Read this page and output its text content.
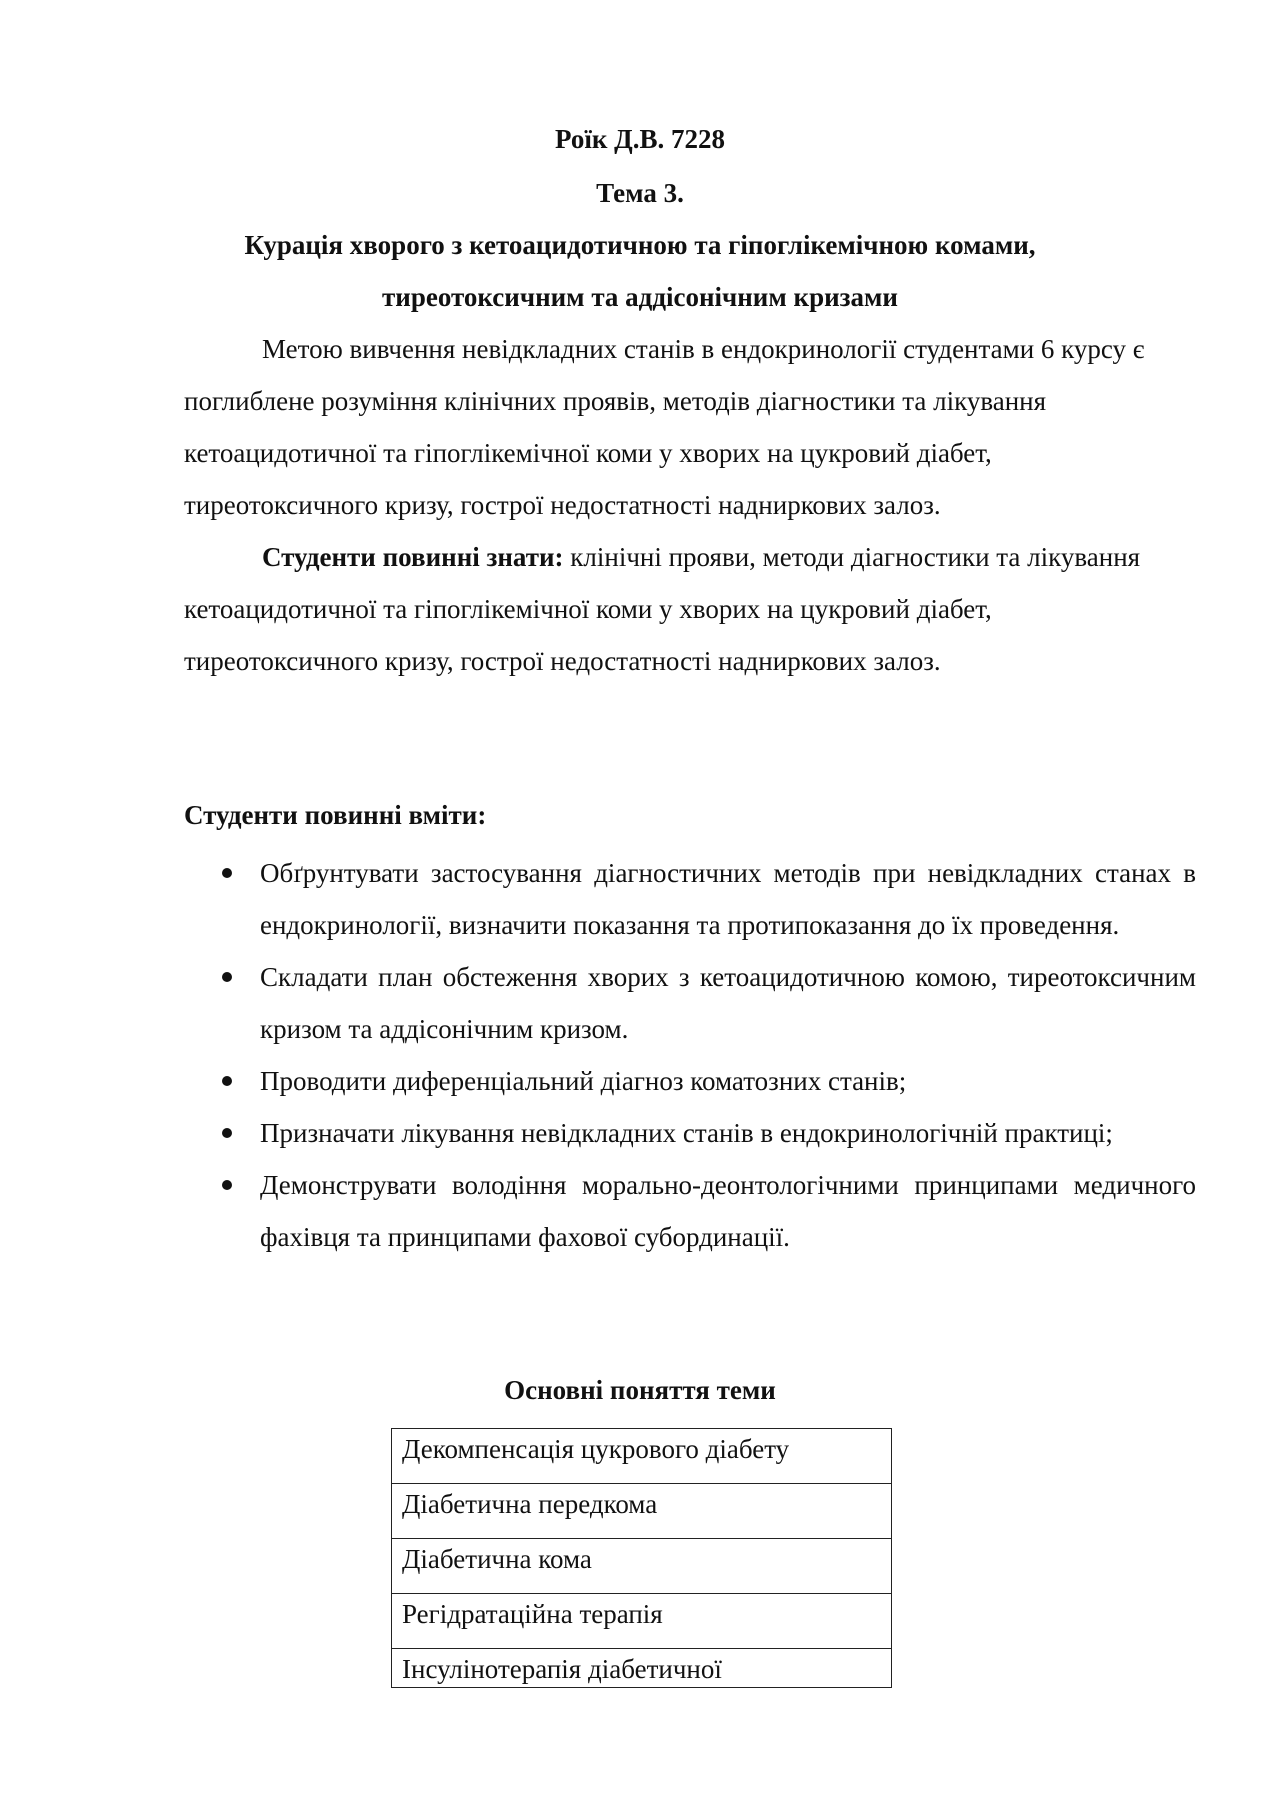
Роїк Д.В. 7228

Тема 3.

Курація хворого з кетоацидотичною та гіпоглікемічною комами,

тиреотоксичним та аддісонічним кризами

Метою вивчення невідкладних станів в ендокринології студентами 6 курсу є поглиблене розуміння клінічних проявів, методів діагностики та лікування кетоацидотичної та гіпоглікемічної коми у хворих на цукровий діабет, тиреотоксичного кризу, гострої недостатності надниркових залоз.

Студенти повинні знати: клінічні прояви, методи діагностики та лікування кетоацидотичної та гіпоглікемічної коми у хворих на цукровий діабет, тиреотоксичного кризу, гострої недостатності надниркових залоз.

Студенти повинні вміти:

Обґрунтувати застосування діагностичних методів при невідкладних станах в ендокринології, визначити показання та протипоказання до їх проведення.
Складати план обстеження хворих з кетоацидотичною комою, тиреотоксичним кризом та аддісонічним кризом.
Проводити диференціальний діагноз коматозних станів;
Призначати лікування невідкладних станів в ендокринологічній практиці;
Демонструвати володіння морально-деонтологічними принципами медичного фахівця та принципами фахової субординації.

Основні поняття теми

Декомпенсація цукрового діабету
Діабетична передкома
Діабетична кома
Регідратаційна терапія
Інсулінотерапія діабетичної
